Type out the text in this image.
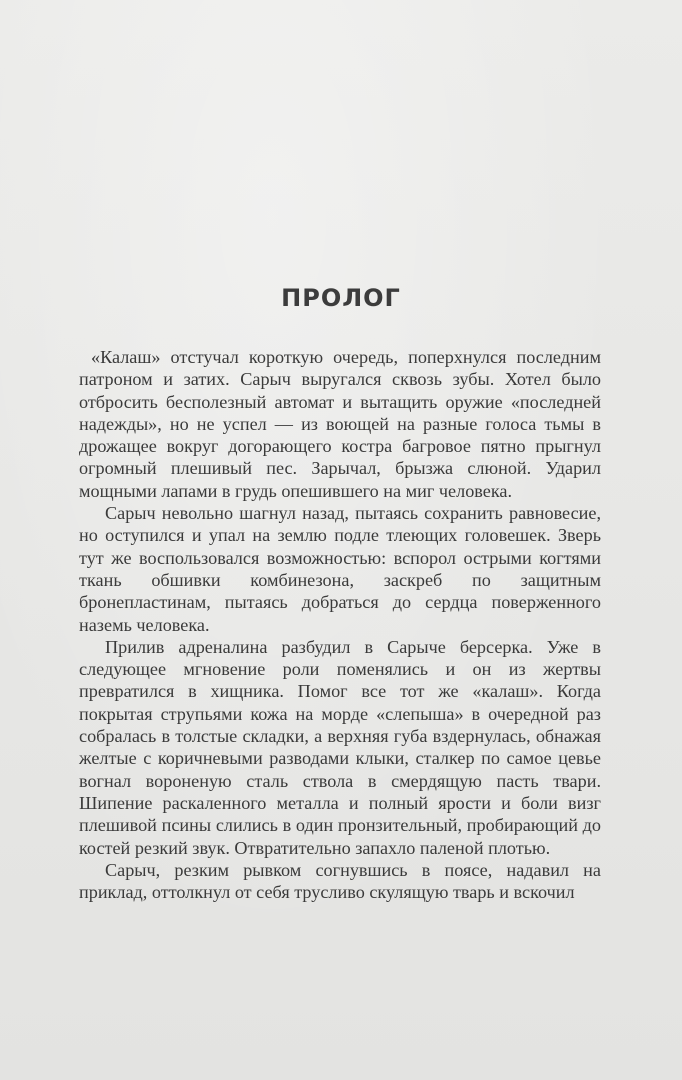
ПРОЛОГ

«Калаш» отстучал короткую очередь, поперхнулся последним патроном и затих. Сарыч выругался сквозь зубы. Хотел было отбросить бесполезный автомат и вытащить оружие «последней надежды», но не успел — из воющей на разные голоса тьмы в дрожащее вокруг догорающего костра багровое пятно прыгнул огромный плешивый пес. Зарычал, брызжа слюной. Ударил мощными лапами в грудь опешившего на миг человека.

Сарыч невольно шагнул назад, пытаясь сохранить равновесие, но оступился и упал на землю подле тлеющих головешек. Зверь тут же воспользовался возможностью: вспорол острыми когтями ткань обшивки комбинезона, заскреб по защитным бронепластинам, пытаясь добраться до сердца поверженного наземь человека.

Прилив адреналина разбудил в Сарыче берсерка. Уже в следующее мгновение роли поменялись и он из жертвы превратился в хищника. Помог все тот же «калаш». Когда покрытая струпьями кожа на морде «слепыша» в очередной раз собралась в толстые складки, а верхняя губа вздернулась, обнажая желтые с коричневыми разводами клыки, сталкер по самое цевье вогнал вороненую сталь ствола в смердящую пасть твари. Шипение раскаленного металла и полный ярости и боли визг плешивой псины слились в один пронзительный, пробирающий до костей резкий звук. Отвратительно запахло паленой плотью.

Сарыч, резким рывком согнувшись в поясе, надавил на приклад, оттолкнул от себя трусливо скулящую тварь и вскочил
